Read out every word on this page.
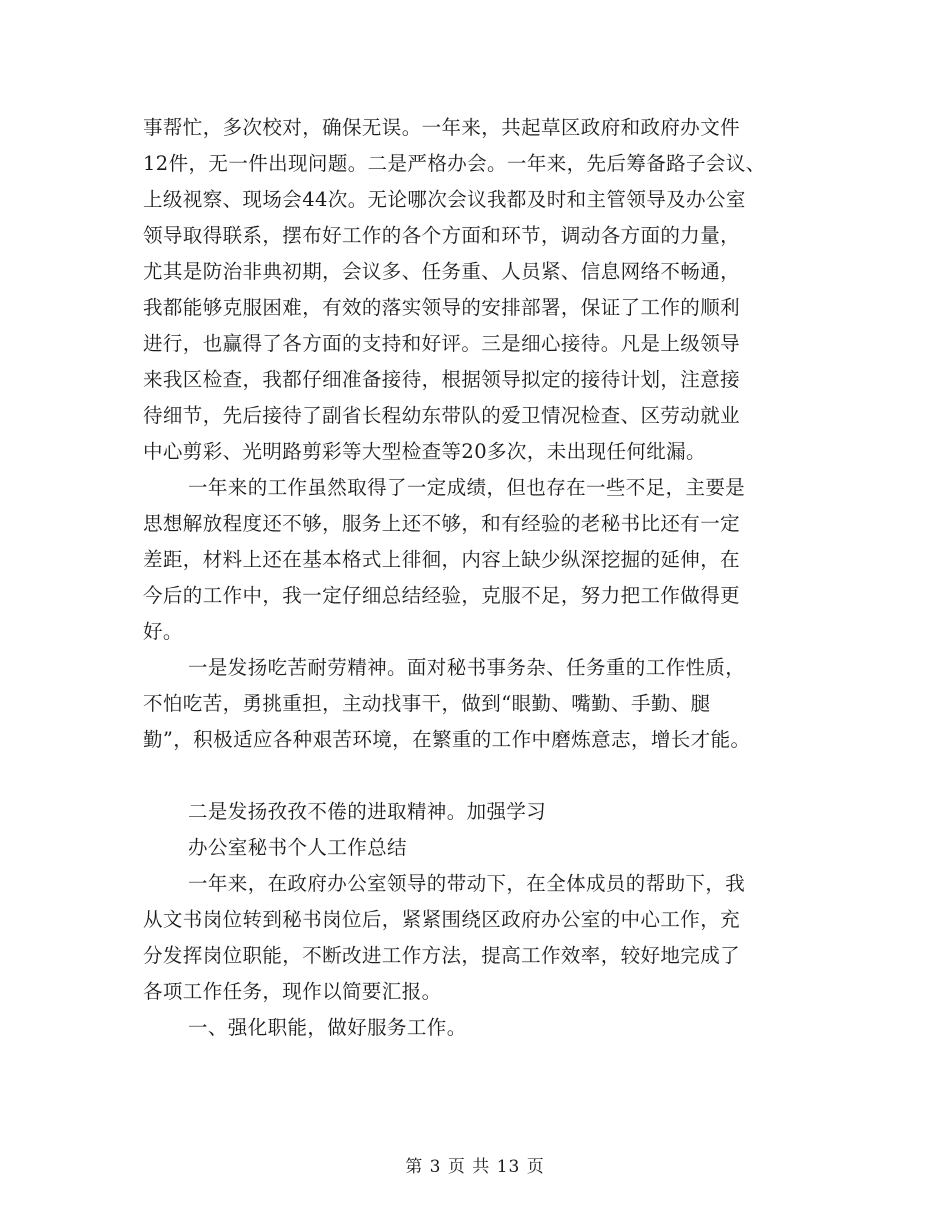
事帮忙，多次校对，确保无误。一年来，共起草区政府和政府办文件
12件，无一件出现问题。二是严格办会。一年来，先后筹备路子会议、
上级视察、现场会44次。无论哪次会议我都及时和主管领导及办公室
领导取得联系，摆布好工作的各个方面和环节，调动各方面的力量，
尤其是防治非典初期，会议多、任务重、人员紧、信息网络不畅通，
我都能够克服困难，有效的落实领导的安排部署，保证了工作的顺利
进行，也赢得了各方面的支持和好评。三是细心接待。凡是上级领导
来我区检查，我都仔细准备接待，根据领导拟定的接待计划，注意接
待细节，先后接待了副省长程幼东带队的爱卫情况检查、区劳动就业
中心剪彩、光明路剪彩等大型检查等20多次，未出现任何纰漏。
一年来的工作虽然取得了一定成绩，但也存在一些不足，主要是
思想解放程度还不够，服务上还不够，和有经验的老秘书比还有一定
差距，材料上还在基本格式上徘徊，内容上缺少纵深挖掘的延伸，在
今后的工作中，我一定仔细总结经验，克服不足，努力把工作做得更
好。
一是发扬吃苦耐劳精神。面对秘书事务杂、任务重的工作性质，
不怕吃苦，勇挑重担，主动找事干，做到“眼勤、嘴勤、手勤、腿
勤”，积极适应各种艰苦环境，在繁重的工作中磨炼意志，增长才能。
二是发扬孜孜不倦的进取精神。加强学习
办公室秘书个人工作总结
一年来，在政府办公室领导的带动下，在全体成员的帮助下，我
从文书岗位转到秘书岗位后，紧紧围绕区政府办公室的中心工作，充
分发挥岗位职能，不断改进工作方法，提高工作效率，较好地完成了
各项工作任务，现作以简要汇报。
一、强化职能，做好服务工作。
第 3 页 共 13 页
